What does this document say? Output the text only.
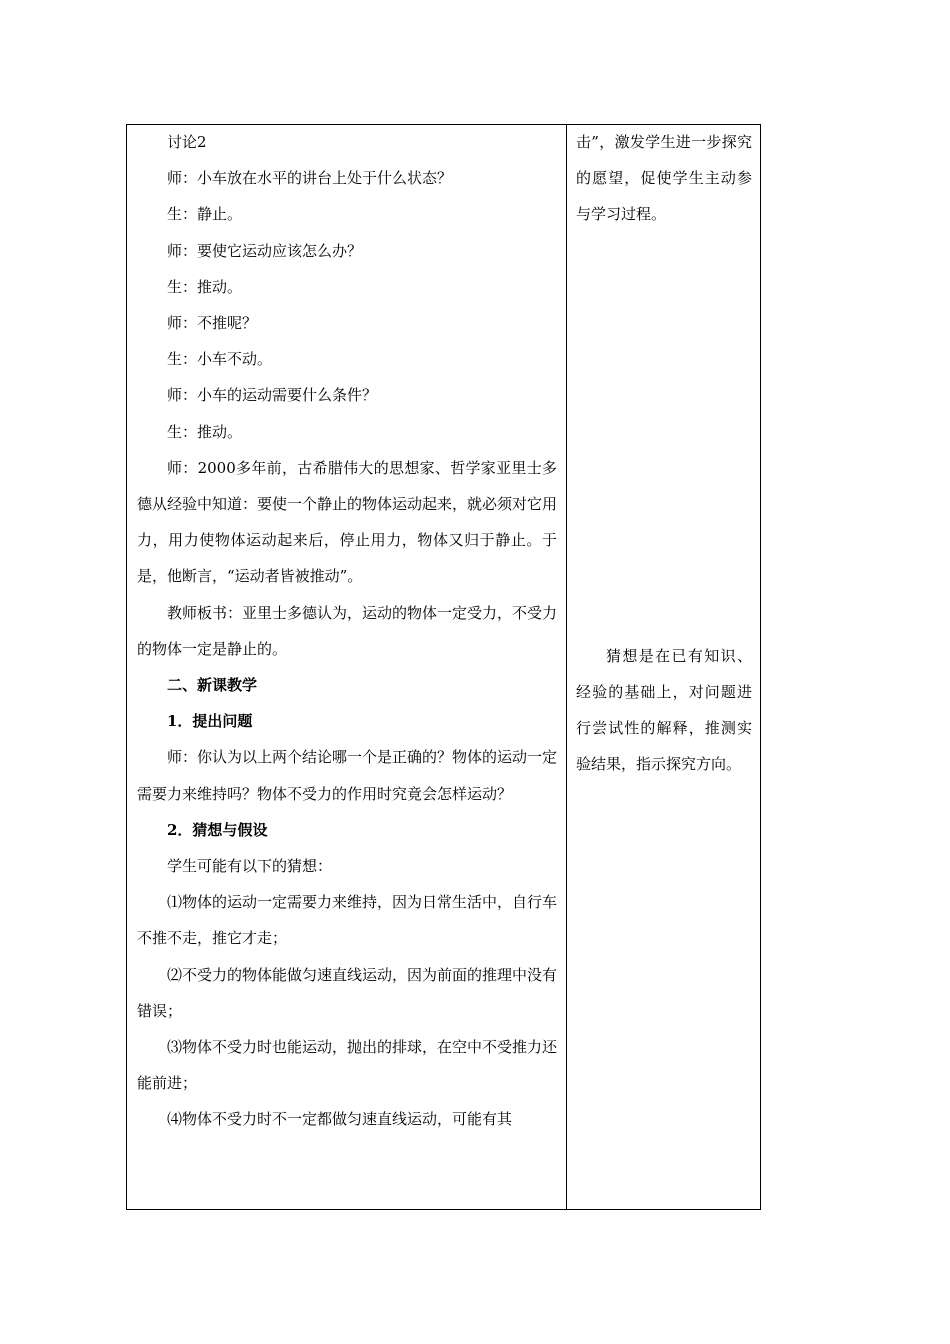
讨论2

师：小车放在水平的讲台上处于什么状态？

生：静止。

师：要使它运动应该怎么办？

生：推动。

师：不推呢？

生：小车不动。

师：小车的运动需要什么条件？

生：推动。

师：2000多年前，古希腊伟大的思想家、哲学家亚里士多德从经验中知道：要使一个静止的物体运动起来，就必须对它用力，用力使物体运动起来后，停止用力，物体又归于静止。于是，他断言，“运动者皆被推动”。

教师板书：亚里士多德认为，运动的物体一定受力，不受力的物体一定是静止的。

二、新课教学

1．提出问题

师：你认为以上两个结论哪一个是正确的？物体的运动一定需要力来维持吗？物体不受力的作用时究竟会怎样运动？

2．猜想与假设

学生可能有以下的猜想：

⑴物体的运动一定需要力来维持，因为日常生活中，自行车不推不走，推它才走；

⑵不受力的物体能做匀速直线运动，因为前面的推理中没有错误；

⑶物体不受力时也能运动，抛出的排球，在空中不受推力还能前进；

⑷物体不受力时不一定都做匀速直线运动，可能有其

击”，激发学生进一步探究的愿望，促使学生主动参与学习过程。

猜想是在已有知识、经验的基础上，对问题进行尝试性的解释，推测实验结果，指示探究方向。
